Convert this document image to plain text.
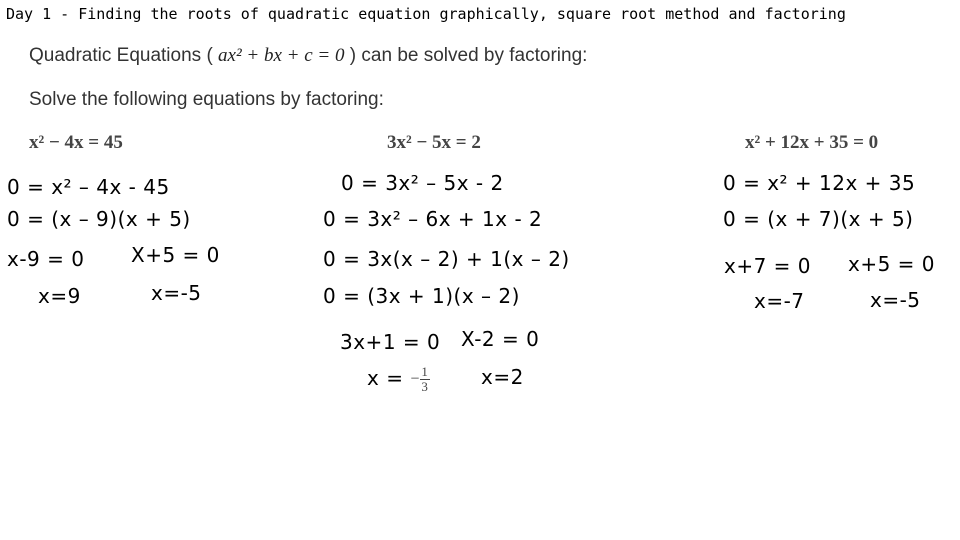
Day 1 - Finding the roots of quadratic equation graphically, square root method and factoring
Quadratic Equations ( ax² + bx + c = 0 ) can be solved by factoring:
Solve the following equations by factoring:
x² − 4x = 45
0 = x² – 4x - 45
0 = (x – 9)(x + 5)
x-9 = 0 X+5 = 0
x=9	x=-5
3x² − 5x = 2
0 = 3x² – 5x - 2
0 = 3x² – 6x + 1x - 2
0 = 3x(x – 2) + 1(x – 2)
0 = (3x + 1)(x – 2)
3x+1 = 0 X-2 = 0
x = − $\frac{1}{3}$	x=2
x² + 12x + 35 = 0
0 = x² + 12x + 35
0 = (x + 7)(x + 5)
x+7 = 0 x+5 = 0
x=-7	x=-5
